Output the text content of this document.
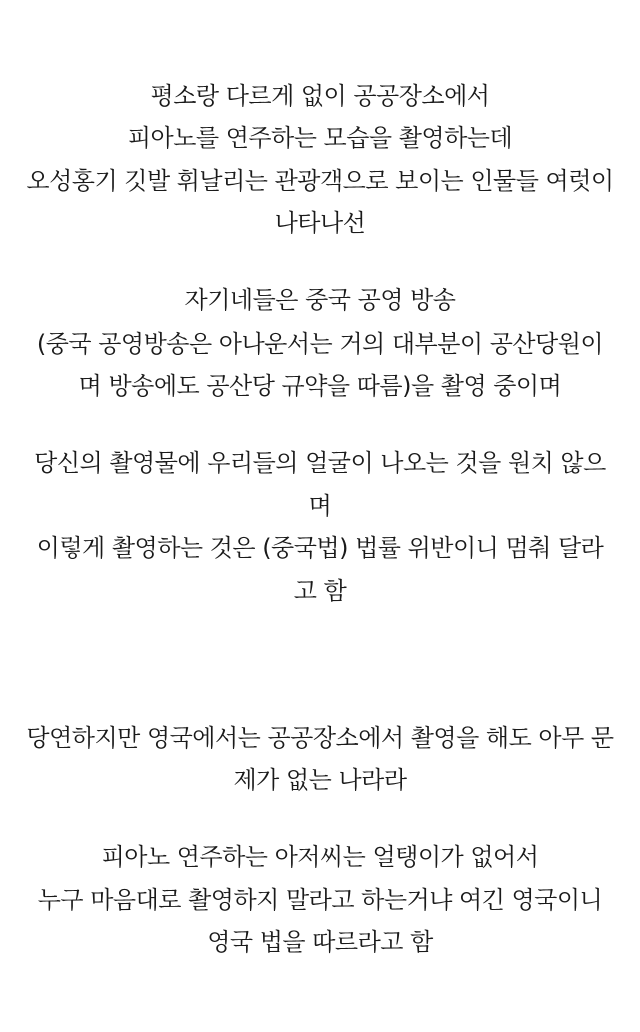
평소랑 다르게 없이 공공장소에서
피아노를 연주하는 모습을 촬영하는데
오성홍기 깃발 휘날리는 관광객으로 보이는 인물들 여럿이
나타나선
자기네들은 중국 공영 방송
(중국 공영방송은 아나운서는 거의 대부분이 공산당원이
며 방송에도 공산당 규약을 따름)을 촬영 중이며
당신의 촬영물에 우리들의 얼굴이 나오는 것을 원치 않으
며
이렇게 촬영하는 것은 (중국법) 법률 위반이니 멈춰 달라
고 함
당연하지만 영국에서는 공공장소에서 촬영을 해도 아무 문
제가 없는 나라라
피아노 연주하는 아저씨는 얼탱이가 없어서
누구 마음대로 촬영하지 말라고 하는거냐 여긴 영국이니
영국 법을 따르라고 함
